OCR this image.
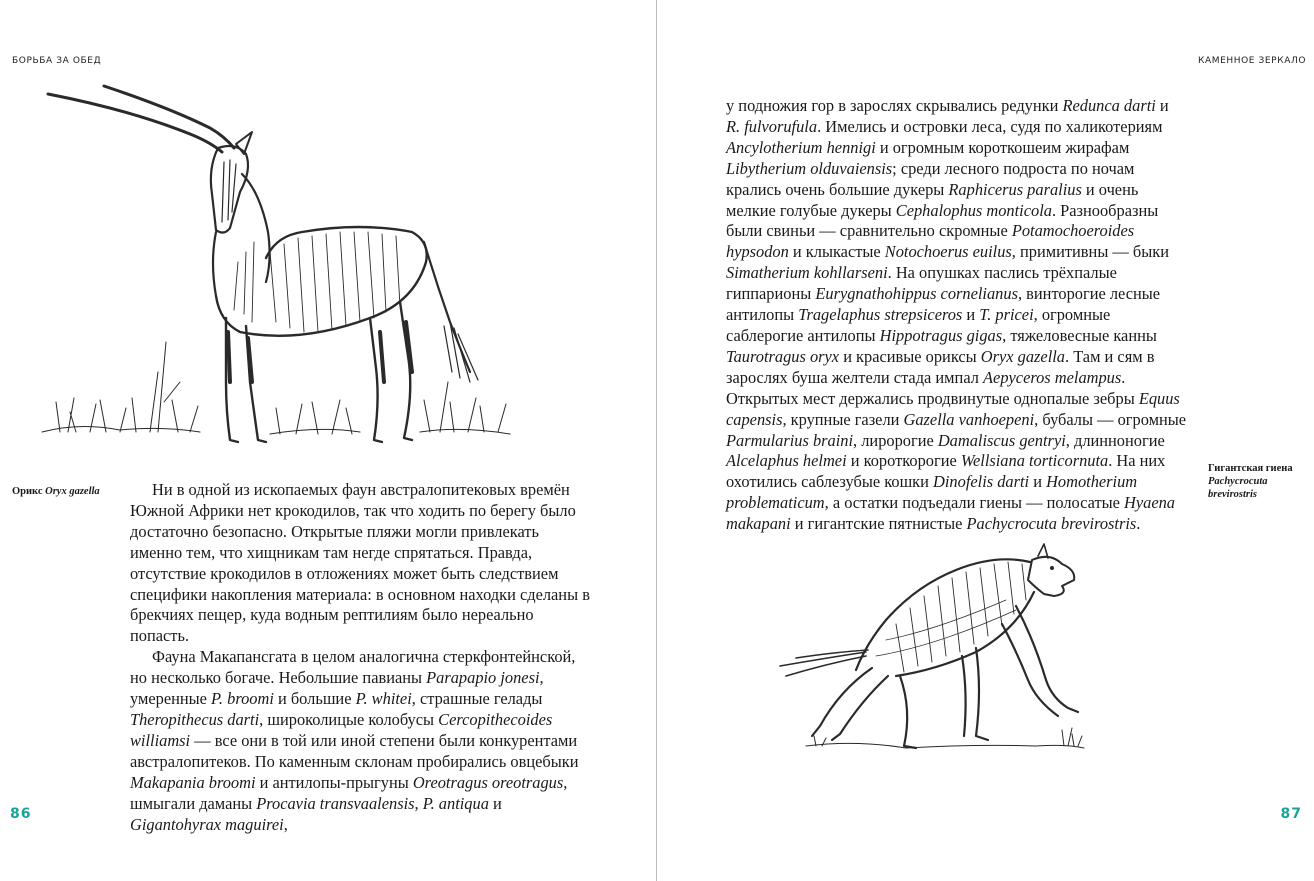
БОРЬБА ЗА ОБЕД
Орикс Oryx gazella	Ни в одной из ископаемых фаун австралопитековых времён Южной Африки нет крокодилов, так что ходить по берегу было достаточно безопасно. Открытые пляжи могли привлекать именно тем, что хищникам там негде спрятаться. Правда, отсутствие крокодилов в отложениях может быть следствием специфики накопления материала: в основном находки сделаны в брекчиях пещер, куда водным рептилиям было нереально попасть.

Фауна Макапансгата в целом аналогична стеркфонтейнской, но несколько богаче. Небольшие павианы Parapapio jonesi, умеренные P. broomi и большие P. whitei, страшные гелады Theropithecus darti, широколицые колобусы Cercopithecoides williamsi — все они в той или иной степени были конкурентами австралопитеков. По каменным склонам пробирались овцебыки Makapania broomi и антилопы-прыгуны Oreotragus oreotragus, шмыгали даманы Procavia transvaalensis, P. antiqua и Gigantohyrax maguirei,

86
КАМЕННОЕ ЗЕРКАЛО

у подножия гор в зарослях скрывались редунки Redunca darti и R. fulvorufula. Имелись и островки леса, судя по халикотериям Ancylotherium hennigi и огромным короткошеим жирафам Libytherium olduvaiensis; среди лесного подроста по ночам крались очень большие дукеры Raphicerus paralius и очень мелкие голубые дукеры Cephalophus monticola. Разнообразны были свиньи — сравнительно скромные Potamochoeroides hypsodon и клыкастые Notochoerus euilus, примитивны — быки Simatherium kohllarseni. На опушках паслись трёхпалые гиппарионы Eurygnathohippus cornelianus, винторогие лесные антилопы Tragelaphus strepsiceros и T. pricei, огромные саблерогие антилопы Hippotragus gigas, тяжеловесные канны Taurotragus oryx и красивые ориксы Oryx gazella. Там и сям в зарослях буша желтели стада импал Aepyceros melampus. Открытых мест держались продвинутые однопалые зебры Equus capensis, крупные газели Gazella vanhoepeni, бубалы — огромные Parmularius braini, лиророгие Damaliscus gentryi, длинноногие Alcelaphus helmei и короткорогие Wellsiana torticornuta. На них охотились саблезубые кошки Dinofelis darti и Homotherium problematicum, а остатки подъедали гиены — полосатые Hyaena makapani и гигантские пятнистые Pachycrocuta brevirostris.

Гигантская гиена Pachycrocuta brevirostris
87
